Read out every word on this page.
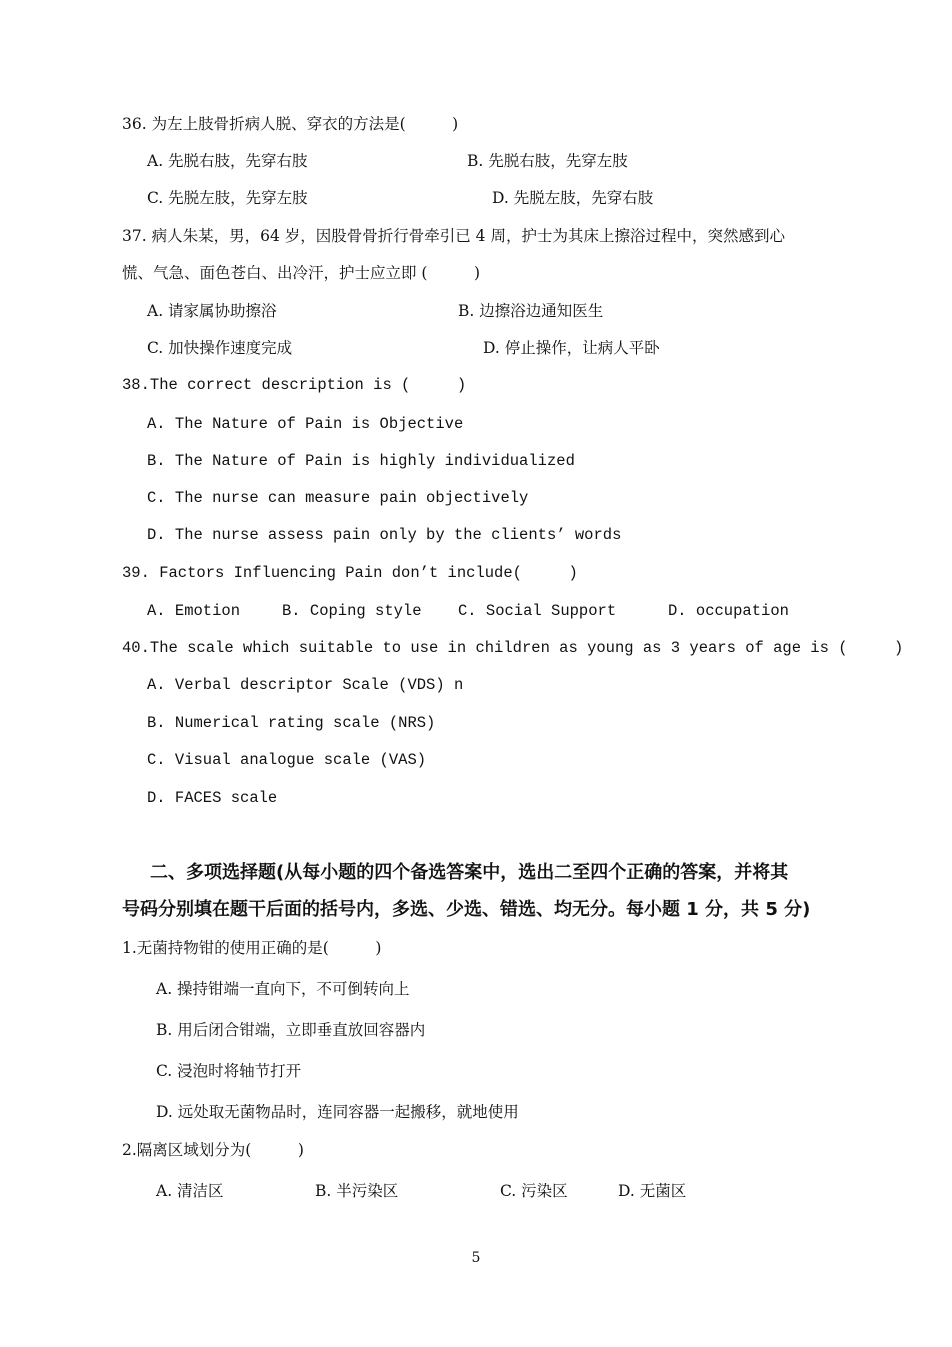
36. 为左上肢骨折病人脱、穿衣的方法是(　　　)
A. 先脱右肢，先穿右肢	B. 先脱右肢，先穿左肢
C. 先脱左肢，先穿左肢	D. 先脱左肢，先穿右肢
37. 病人朱某，男，64 岁，因股骨骨折行骨牵引已 4 周，护士为其床上擦浴过程中，突然感到心
慌、气急、面色苍白、出冷汗，护士应立即 (　　　)
A. 请家属协助擦浴	B. 边擦浴边通知医生
C. 加快操作速度完成	D. 停止操作，让病人平卧
38.The correct description is (　　　)
A. The Nature of Pain is Objective
B. The Nature of Pain is highly individualized
C. The nurse can measure pain objectively
D. The nurse assess pain only by the clients’ words
39. Factors Influencing Pain don’t include(　　　)
A. Emotion	B. Coping style C. Social Support	D. occupation
40.The scale which suitable to use in children as young as 3 years of age is (　　　)
A. Verbal descriptor Scale (VDS) n
B. Numerical rating scale (NRS)
C. Visual analogue scale (VAS)
D. FACES scale
二、多项选择题(从每小题的四个备选答案中，选出二至四个正确的答案，并将其
号码分别填在题干后面的括号内，多选、少选、错选、均无分。每小题 1 分，共 5 分)
1.无菌持物钳的使用正确的是(　　　)
A. 操持钳端一直向下，不可倒转向上
B. 用后闭合钳端，立即垂直放回容器内
C. 浸泡时将轴节打开
D. 远处取无菌物品时，连同容器一起搬移，就地使用
2.隔离区域划分为(　　　)
A. 清洁区	B. 半污染区	C. 污染区	D. 无菌区
5
